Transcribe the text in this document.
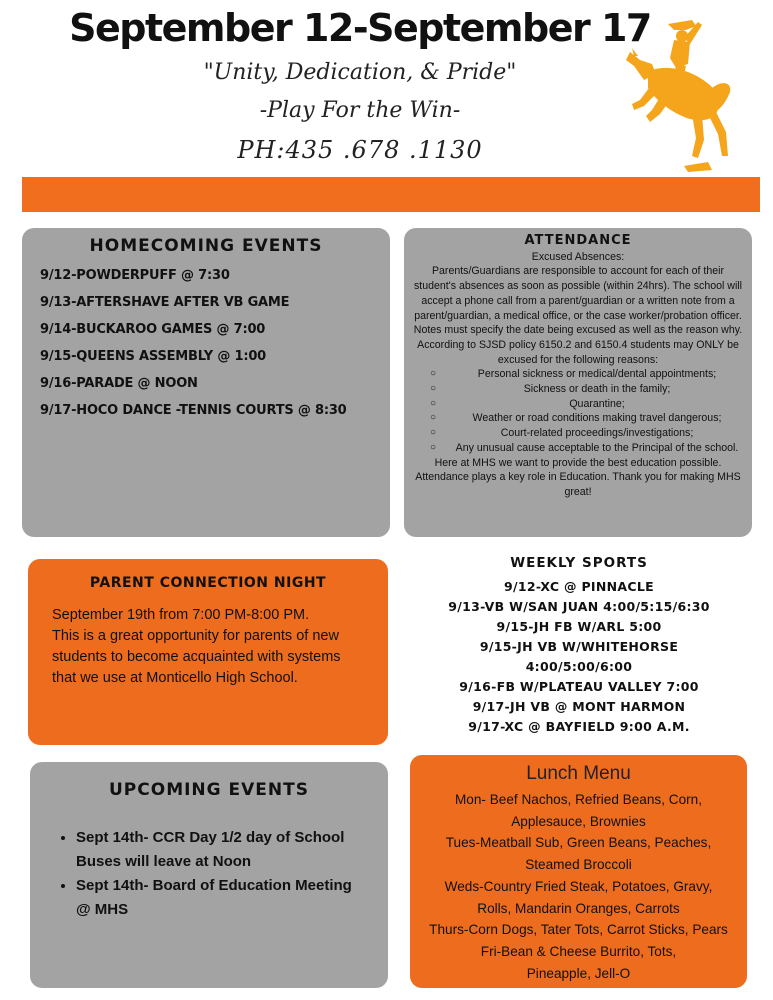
September 12-September 17
"Unity, Dedication, & Pride"
-Play For the Win-
PH:435 .678 .1130
HOMECOMING EVENTS
9/12-POWDERPUFF @ 7:30
9/13-AFTERSHAVE AFTER VB GAME
9/14-BUCKAROO GAMES @ 7:00
9/15-QUEENS ASSEMBLY @ 1:00
9/16-PARADE @ NOON
9/17-HOCO DANCE -TENNIS COURTS @ 8:30
ATTENDANCE
Excused Absences:
Parents/Guardians are responsible to account for each of their student's absences as soon as possible (within 24hrs). The school will accept a phone call from a parent/guardian or a written note from a parent/guardian, a medical office, or the case worker/probation officer. Notes must specify the date being excused as well as the reason why.
According to SJSD policy 6150.2 and 6150.4 students may ONLY be excused for the following reasons:
○	Personal sickness or medical/dental appointments;
○	Sickness or death in the family;
○	Quarantine;
○	Weather or road conditions making travel dangerous;
○	Court-related proceedings/investigations;
○ Any unusual cause acceptable to the Principal of the school.
Here at MHS we want to provide the best education possible. Attendance plays a key role in Education. Thank you for making MHS great!
PARENT CONNECTION NIGHT
September 19th from 7:00 PM-8:00 PM.
This is a great opportunity for parents of new
students to become acquainted with systems
that we use at Monticello High School.
WEEKLY SPORTS
9/12-XC @ PINNACLE
9/13-VB W/SAN JUAN 4:00/5:15/6:30
9/15-JH FB W/ARL 5:00
9/15-JH VB W/WHITEHORSE
4:00/5:00/6:00
9/16-FB W/PLATEAU VALLEY 7:00
9/17-JH VB @ MONT HARMON
9/17-XC @ BAYFIELD 9:00 A.M.
UPCOMING EVENTS
• Sept 14th- CCR Day 1/2 day of School Buses will leave at Noon
• Sept 14th- Board of Education Meeting @ MHS
Lunch Menu
Mon- Beef Nachos, Refried Beans, Corn,
Applesauce, Brownies
Tues-Meatball Sub, Green Beans, Peaches,
Steamed Broccoli
Weds-Country Fried Steak, Potatoes, Gravy,
Rolls, Mandarin Oranges, Carrots
Thurs-Corn Dogs, Tater Tots, Carrot Sticks, Pears
Fri-Bean & Cheese Burrito, Tots,
Pineapple, Jell-O
